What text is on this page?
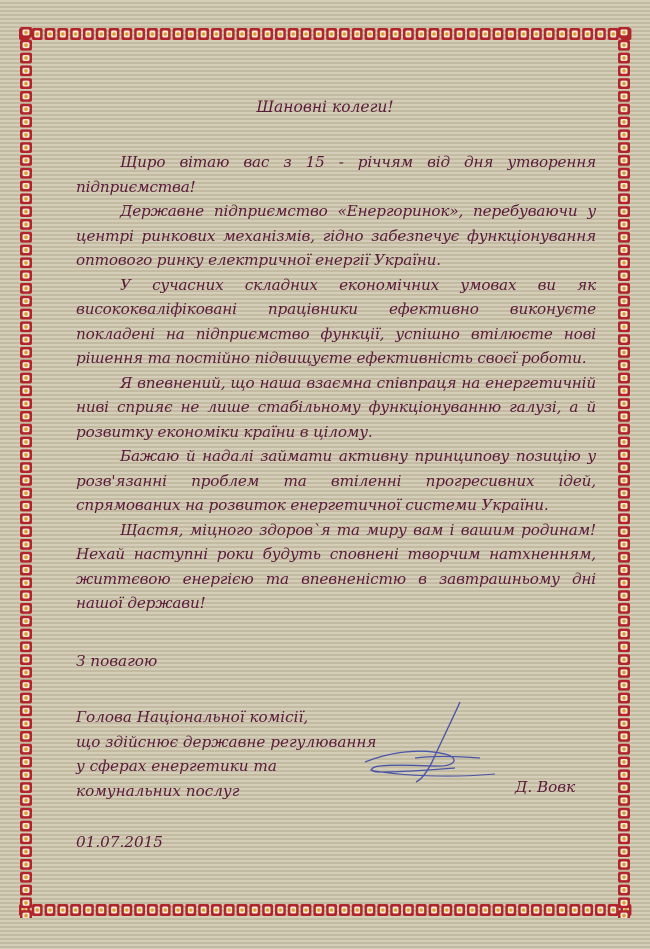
Шановні колеги!

Щиро вітаю вас з 15 - річчям від дня утворення підприємства!

Державне підприємство «Енергоринок», перебуваючи у центрі ринкових механізмів, гідно забезпечує функціонування оптового ринку електричної енергії України.

У сучасних складних економічних умовах ви як висококваліфіковані працівники ефективно виконуєте покладені на підприємство функції, успішно втілюєте нові рішення та постійно підвищуєте ефективність своєї роботи.

Я впевнений, що наша взаємна співпраця на енергетичній ниві сприяє не лише стабільному функціонуванню галузі, а й розвитку економіки країни в цілому.

Бажаю й надалі займати активну принципову позицію у розв'язанні проблем та втіленні прогресивних ідей, спрямованих на розвиток енергетичної системи України.

Щастя, міцного здоров`я та миру вам і вашим родинам! Нехай наступні роки будуть сповнені творчим натхненням, життєвою енергією та впевненістю в завтрашньому дні нашої держави!

З повагою
Голова Національної комісії,
що здійснює державне регулювання
у сферах енергетики та
комунальних послуг	Д. Вовк
01.07.2015
